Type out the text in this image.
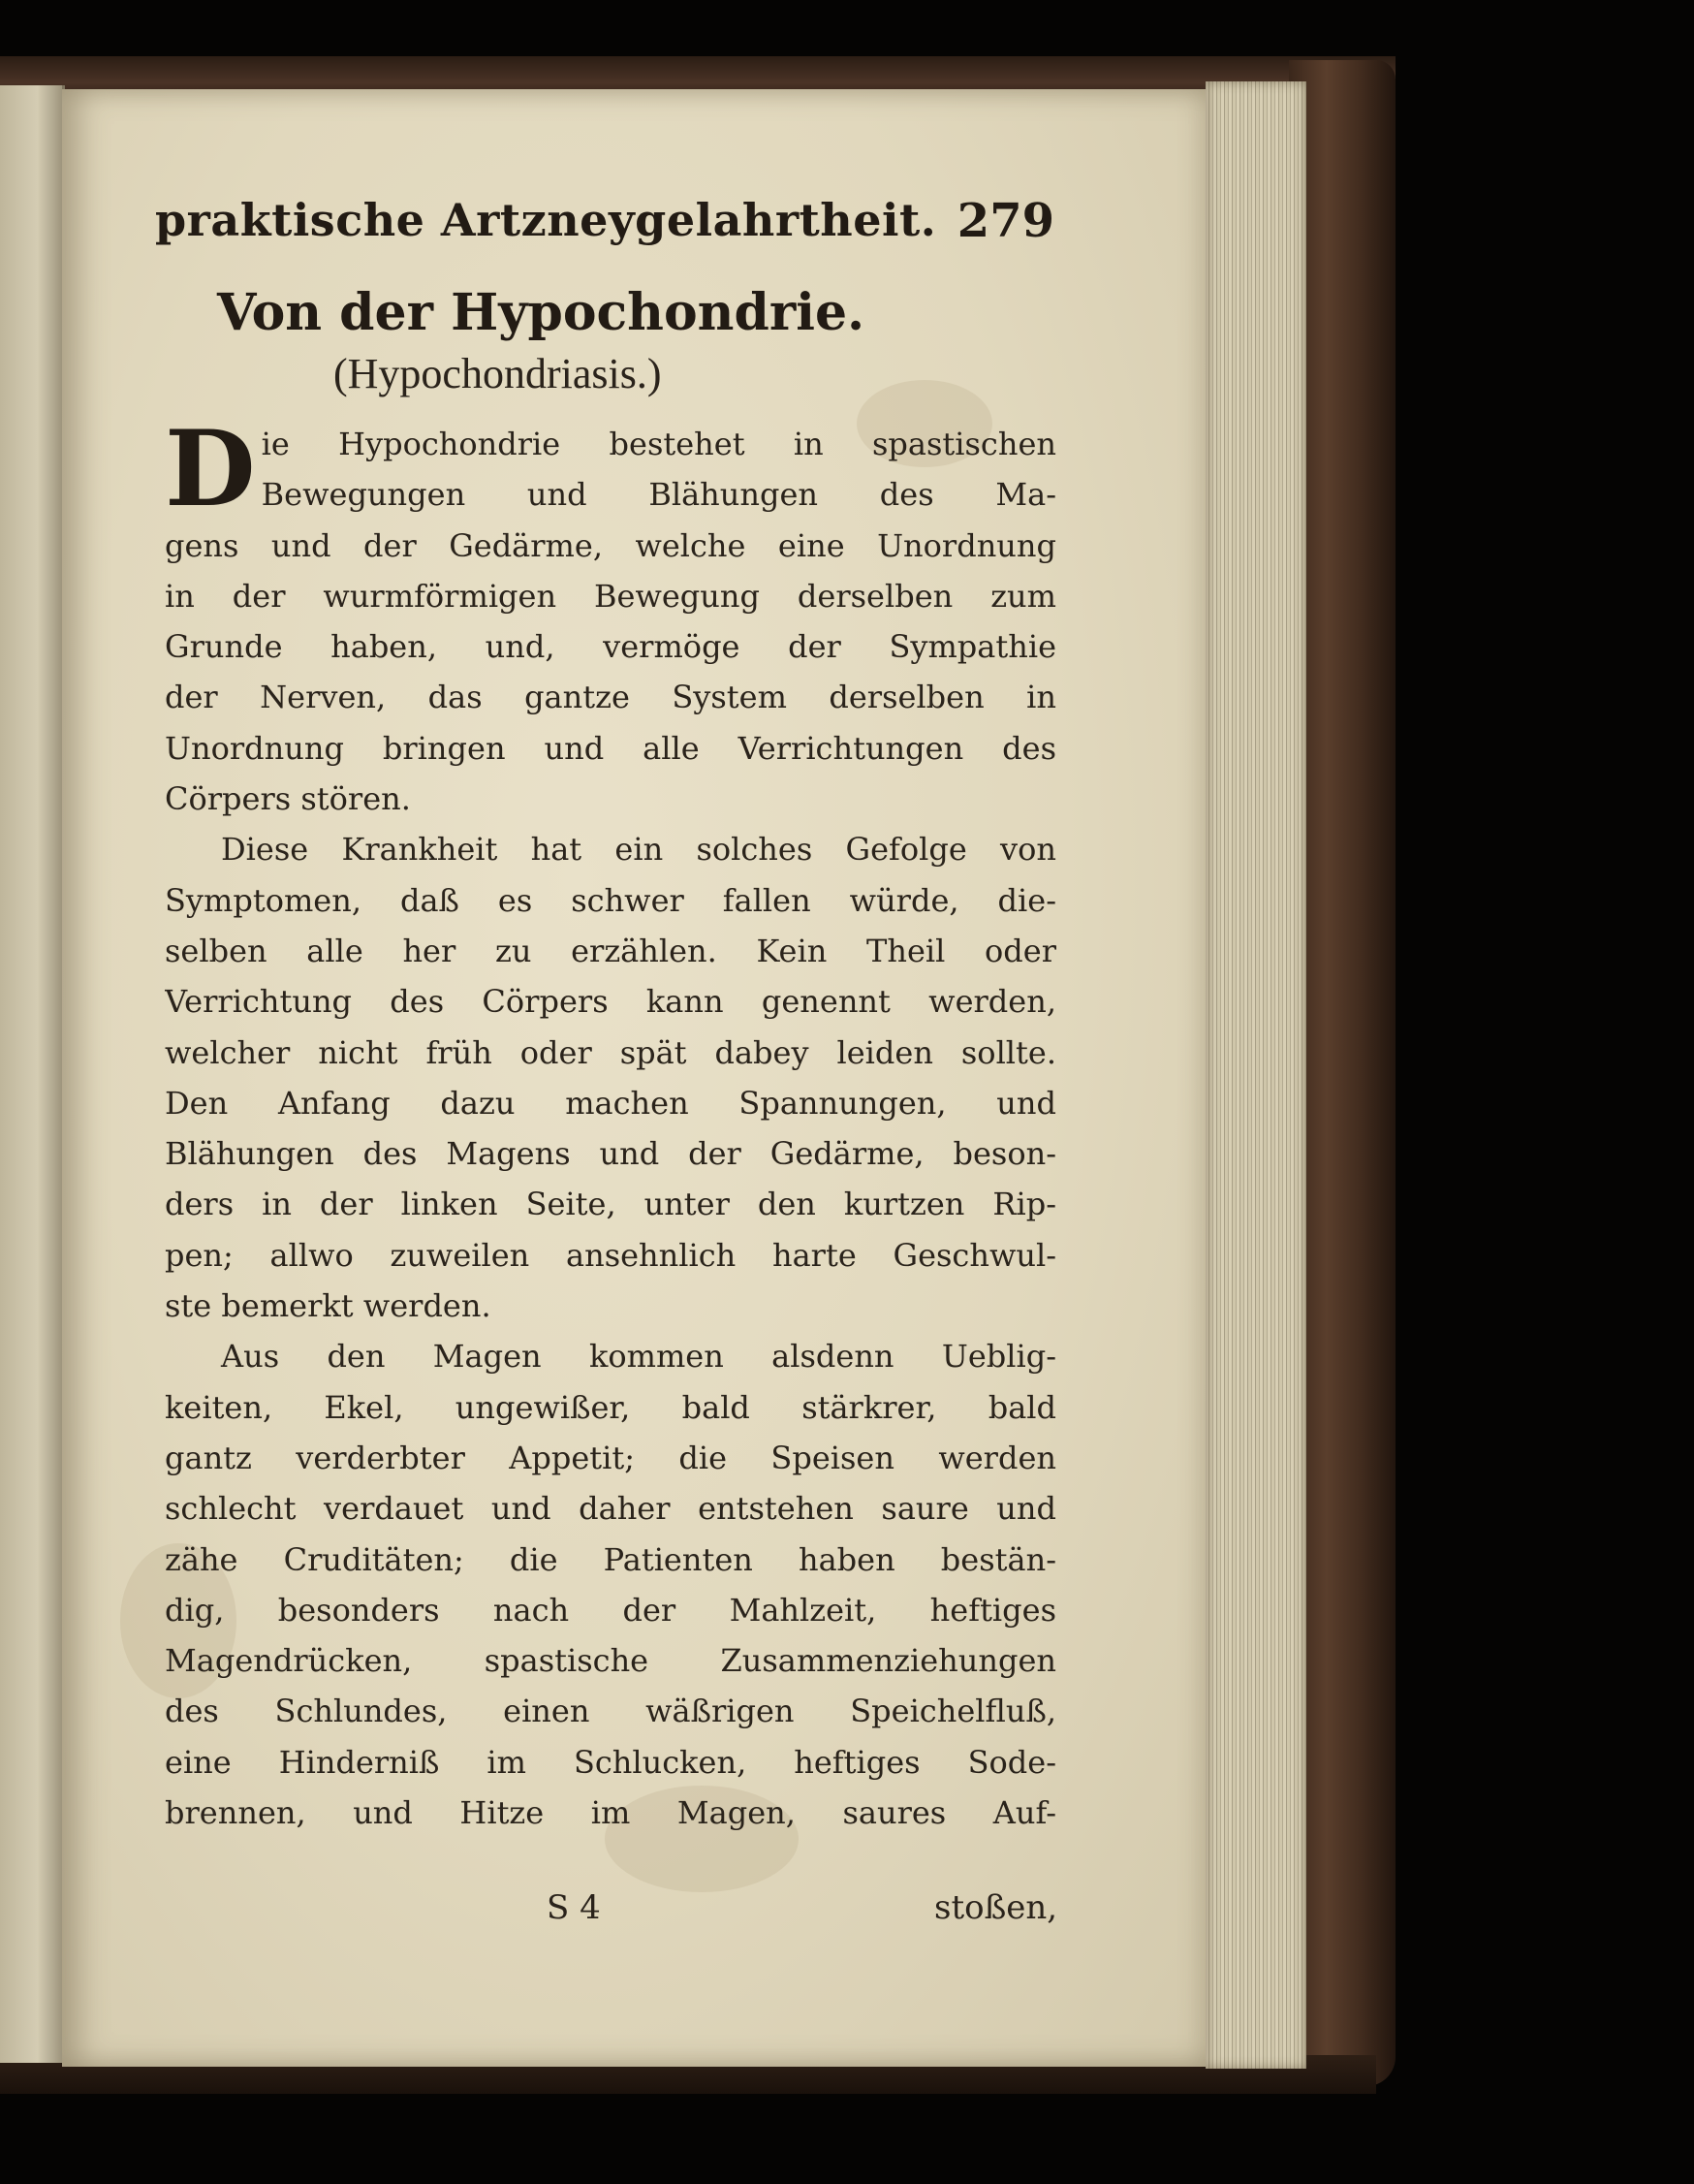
praktische Artzneygelahrtheit. 279
Von der Hypochondrie.
(Hypochondriasis.)
D ie Hypochondrie bestehet in spastischen
Bewegungen und Blähungen des Ma-
gens und der Gedärme, welche eine Unordnung
in der wurmförmigen Bewegung derselben zum
Grunde haben, und, vermöge der Sympathie
der Nerven, das gantze System derselben in
Unordnung bringen und alle Verrichtungen des
Cörpers stören.
Diese Krankheit hat ein solches Gefolge von
Symptomen, daß es schwer fallen würde, die-
selben alle her zu erzählen. Kein Theil oder
Verrichtung des Cörpers kann genennt werden,
welcher nicht früh oder spät dabey leiden sollte.
Den Anfang dazu machen Spannungen, und
Blähungen des Magens und der Gedärme, beson-
ders in der linken Seite, unter den kurtzen Rip-
pen; allwo zuweilen ansehnlich harte Geschwul-
ste bemerkt werden.
Aus den Magen kommen alsdenn Ueblig-
keiten, Ekel, ungewißer, bald stärkrer, bald
gantz verderbter Appetit; die Speisen werden
schlecht verdauet und daher entstehen saure und
zähe Cruditäten; die Patienten haben bestän-
dig, besonders nach der Mahlzeit, heftiges
Magendrücken, spastische Zusammenziehungen
des Schlundes, einen wäßrigen Speichelfluß,
eine Hinderniß im Schlucken, heftiges Sode-
brennen, und Hitze im Magen, saures Auf-
S 4	stoßen,
